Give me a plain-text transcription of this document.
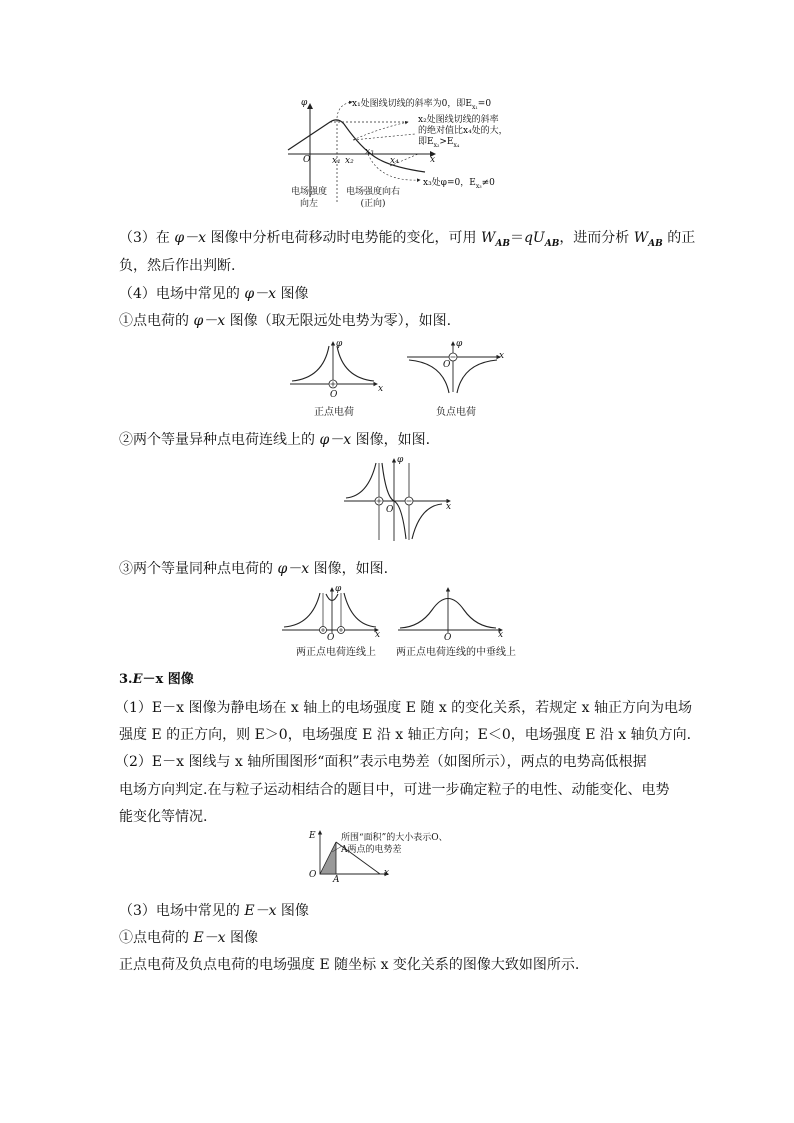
φ
O	x
x₁ x₂
x₃
x₄
x₁处图线切线的斜率为0，即$E_{x_1}=0$
x₂处图线切线的斜率
的绝对值比x₄处的大，
即$E_{x_2}>E_{x_4}$
x₃处φ=0，$E_{x_3}\ne 0$
电场强度
向左
电场强度向右
(正向)
（3）在 φ－x 图像中分析电荷移动时电势能的变化，可用 $W_{AB}=qU_{AB}$，进而分析 $W_{AB}$ 的正
负，然后作出判断.
（4）电场中常见的 φ－x 图像
①点电荷的 φ－x 图像（取无限远处电势为零），如图.
φ
x
O
正点电荷
φ
x
O
负点电荷
②两个等量异种点电荷连线上的 φ－x 图像，如图.
φ
x
O
③两个等量同种点电荷的 φ－x 图像，如图.
φ
x
O
两正点电荷连线上
x
O
两正点电荷连线的中垂线上
3.E－x 图像
（1）E－x 图像为静电场在 x 轴上的电场强度 E 随 x 的变化关系，若规定 x 轴正方向为电场
强度 E 的正方向，则 E＞0，电场强度 E 沿 x 轴正方向；E＜0，电场强度 E 沿 x 轴负方向.
（2）E－x 图线与 x 轴所围图形“面积”表示电势差（如图所示），两点的电势高低根据
电场方向判定.在与粒子运动相结合的题目中，可进一步确定粒子的电性、动能变化、电势
能变化等情况.
E
O A
x
所围“面积”的大小表示O、
A两点的电势差
（3）电场中常见的 E－x 图像
①点电荷的 E－x 图像
正点电荷及负点电荷的电场强度 E 随坐标 x 变化关系的图像大致如图所示.
